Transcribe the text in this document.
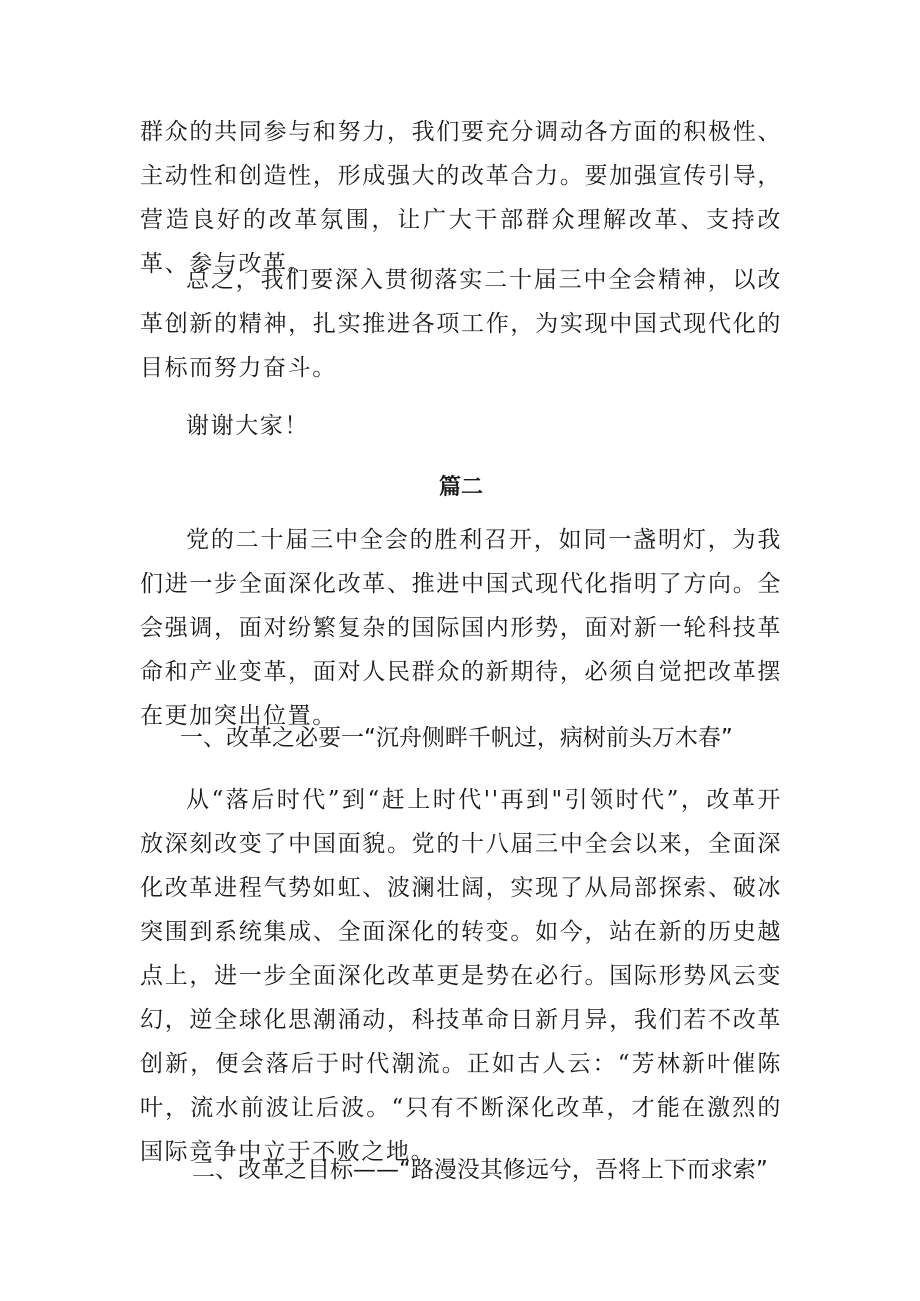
群众的共同参与和努力，我们要充分调动各方面的积极性、主动性和创造性，形成强大的改革合力。要加强宣传引导，营造良好的改革氛围，让广大干部群众理解改革、支持改革、参与改革。

总之，我们要深入贯彻落实二十届三中全会精神，以改革创新的精神，扎实推进各项工作，为实现中国式现代化的目标而努力奋斗。

谢谢大家！

篇二

党的二十届三中全会的胜利召开，如同一盏明灯，为我们进一步全面深化改革、推进中国式现代化指明了方向。全会强调，面对纷繁复杂的国际国内形势，面对新一轮科技革命和产业变革，面对人民群众的新期待，必须自觉把改革摆在更加突出位置。

一、改革之必要一“沉舟侧畔千帆过，病树前头万木春”

从“落后时代”到“赶上时代''再到"引领时代”，改革开放深刻改变了中国面貌。党的十八届三中全会以来，全面深化改革进程气势如虹、波澜壮阔，实现了从局部探索、破冰突围到系统集成、全面深化的转变。如今，站在新的历史越点上，进一步全面深化改革更是势在必行。国际形势风云变幻，逆全球化思潮涌动，科技革命日新月异，我们若不改革创新，便会落后于时代潮流。正如古人云：“芳林新叶催陈叶，流水前波让后波。“只有不断深化改革，才能在激烈的国际竞争中立于不败之地。

二、改革之目标——“路漫没其修远兮，吾将上下而求索”
